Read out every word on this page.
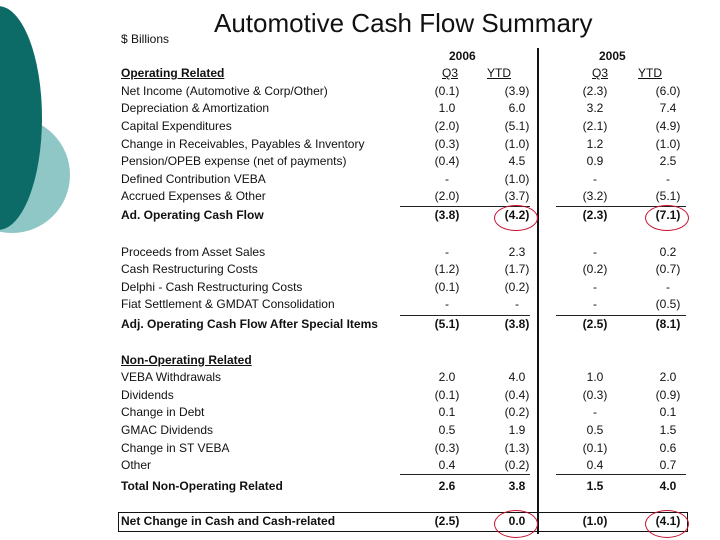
Automotive Cash Flow Summary
$ Billions
2006	2005
Q3 YTD	Q3 YTD
Operating Related
Net Income (Automotive & Corp/Other)	(0.1)	(3.9)	(2.3)	(6.0)
Depreciation & Amortization	1.0	6.0	3.2	7.4
Capital Expenditures	(2.0)	(5.1)	(2.1)	(4.9)
Change in Receivables, Payables & Inventory	(0.3)	(1.0)	1.2	(1.0)
Pension/OPEB expense (net of payments)	(0.4)	4.5	0.9	2.5
Defined Contribution VEBA	-	(1.0)	-	-
Accrued Expenses & Other	(2.0)	(3.7)	(3.2)	(5.1)
Ad. Operating Cash Flow	(3.8)	(4.2)	(2.3)	(7.1)
Proceeds from Asset Sales	-	2.3	-	0.2
Cash Restructuring Costs	(1.2)	(1.7)	(0.2)	(0.7)
Delphi - Cash Restructuring Costs	(0.1)	(0.2)	-	-
Fiat Settlement & GMDAT Consolidation	-	-	-	(0.5)
Adj. Operating Cash Flow After Special Items	(5.1)	(3.8)	(2.5)	(8.1)
Non-Operating Related
VEBA Withdrawals	2.0	4.0	1.0	2.0
Dividends	(0.1)	(0.4)	(0.3)	(0.9)
Change in Debt	0.1	(0.2)	-	0.1
GMAC Dividends	0.5	1.9	0.5	1.5
Change in ST VEBA	(0.3)	(1.3)	(0.1)	0.6
Other	0.4	(0.2)	0.4	0.7
Total Non-Operating Related	2.6	3.8	1.5	4.0
Net Change in Cash and Cash-related	(2.5)	0.0	(1.0)	(4.1)
